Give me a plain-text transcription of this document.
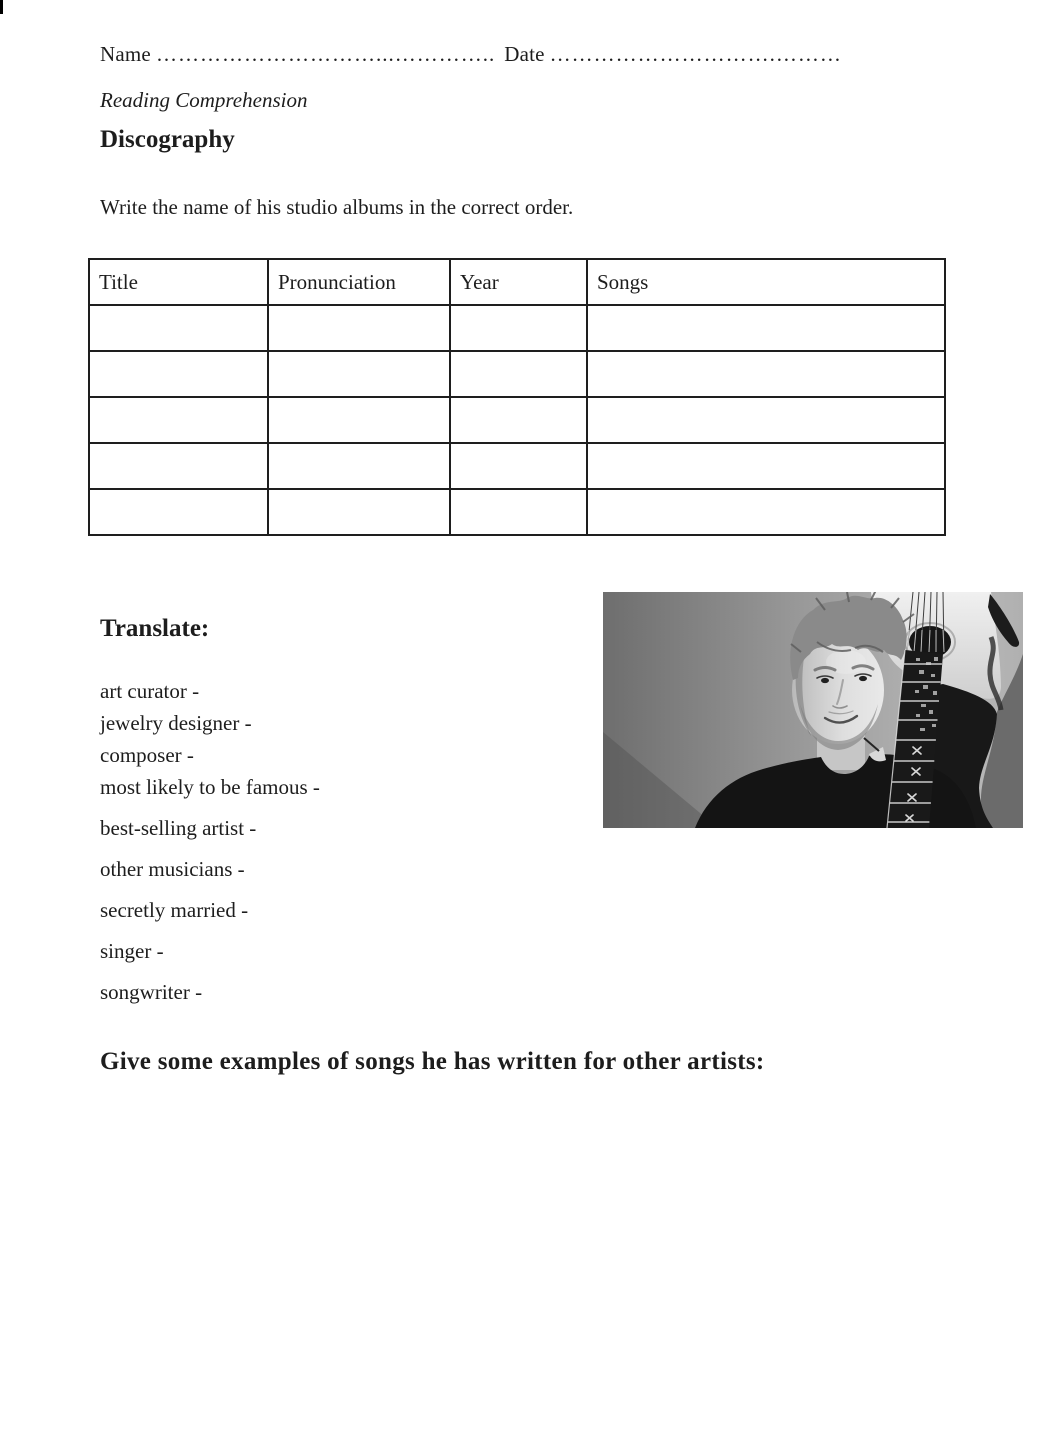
Name …………………………...………….. Date ………………………….………
Reading Comprehension
Discography
Write the name of his studio albums in the correct order.
Title	Pronunciation	Year	Songs

Translate:
art curator -
jewelry designer -
composer -
most likely to be famous -
best-selling artist -
other musicians -
secretly married -
singer -
songwriter -
Give some examples of songs he has written for other artists:
